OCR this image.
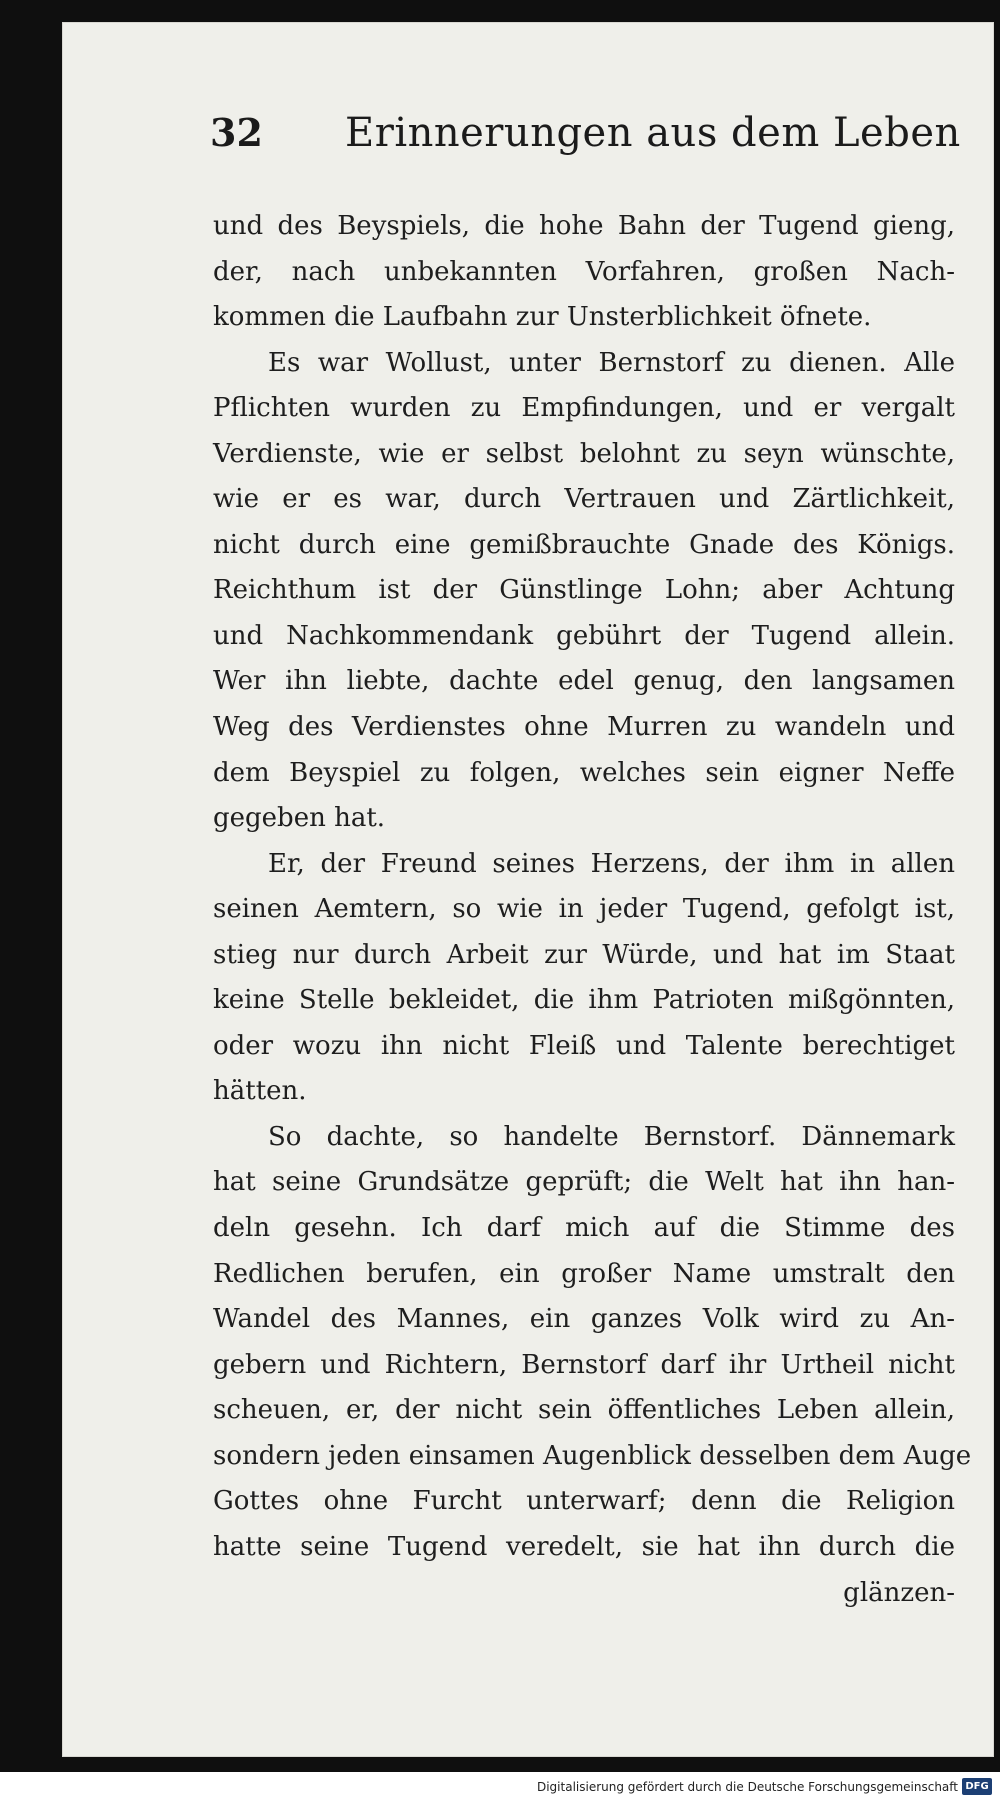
32 Erinnerungen aus dem Leben
und des Beyspiels, die hohe Bahn der Tugend gieng,
der, nach unbekannten Vorfahren, großen Nach-
kommen die Laufbahn zur Unsterblichkeit öfnete.
Es war Wollust, unter Bernstorf zu dienen. Alle
Pflichten wurden zu Empfindungen, und er vergalt
Verdienste, wie er selbst belohnt zu seyn wünschte,
wie er es war, durch Vertrauen und Zärtlichkeit,
nicht durch eine gemißbrauchte Gnade des Königs.
Reichthum ist der Günstlinge Lohn; aber Achtung
und Nachkommendank gebührt der Tugend allein.
Wer ihn liebte, dachte edel genug, den langsamen
Weg des Verdienstes ohne Murren zu wandeln und
dem Beyspiel zu folgen, welches sein eigner Neffe
gegeben hat.
Er, der Freund seines Herzens, der ihm in allen
seinen Aemtern, so wie in jeder Tugend, gefolgt ist,
stieg nur durch Arbeit zur Würde, und hat im Staat
keine Stelle bekleidet, die ihm Patrioten mißgönnten,
oder wozu ihn nicht Fleiß und Talente berechtiget
hätten.
So dachte, so handelte Bernstorf. Dännemark
hat seine Grundsätze geprüft; die Welt hat ihn han-
deln gesehn. Ich darf mich auf die Stimme des
Redlichen berufen, ein großer Name umstralt den
Wandel des Mannes, ein ganzes Volk wird zu An-
gebern und Richtern, Bernstorf darf ihr Urtheil nicht
scheuen, er, der nicht sein öffentliches Leben allein,
sondern jeden einsamen Augenblick desselben dem Auge
Gottes ohne Furcht unterwarf; denn die Religion
hatte seine Tugend veredelt, sie hat ihn durch die
glänzen-
Digitalisierung gefördert durch die Deutsche Forschungsgemeinschaft DFG
